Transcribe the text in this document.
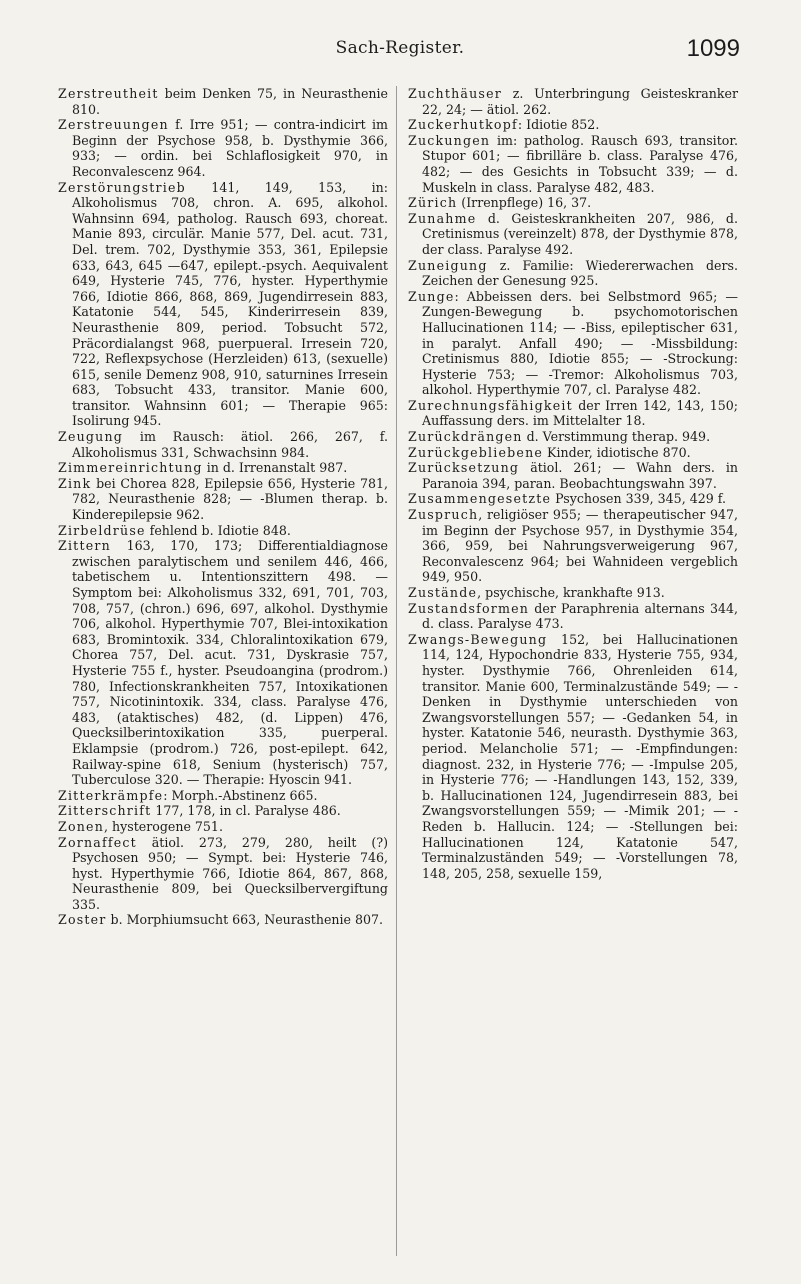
Sach-Register.	1099

Zerstreutheit beim Denken 75, in Neurasthenie 810.

Zerstreuungen f. Irre 951; — contra-indicirt im Beginn der Psychose 958, b. Dysthymie 366, 933; — ordin. bei Schlaflosigkeit 970, in Reconvalescenz 964.

Zerstörungstrieb 141, 149, 153, in: Alkoholismus 708, chron. A. 695, alkohol. Wahnsinn 694, patholog. Rausch 693, choreat. Manie 893, circulär. Manie 577, Del. acut. 731, Del. trem. 702, Dysthymie 353, 361, Epilepsie 633, 643, 645 —647, epilept.-psych. Aequivalent 649, Hysterie 745, 776, hyster. Hyperthymie 766, Idiotie 866, 868, 869, Jugendirresein 883, Katatonie 544, 545, Kinderirresein 839, Neurasthenie 809, period. Tobsucht 572, Präcordialangst 968, puerpueral. Irresein 720, 722, Reflexpsychose (Herzleiden) 613, (sexuelle) 615, senile Demenz 908, 910, saturnines Irresein 683, Tobsucht 433, transitor. Manie 600, transitor. Wahnsinn 601; — Therapie 965: Isolirung 945.

Zeugung im Rausch: ätiol. 266, 267, f. Alkoholismus 331, Schwachsinn 984.

Zimmereinrichtung in d. Irrenanstalt 987.

Zink bei Chorea 828, Epilepsie 656, Hysterie 781, 782, Neurasthenie 828; — -Blumen therap. b. Kinderepilepsie 962.

Zirbeldrüse fehlend b. Idiotie 848.

Zittern 163, 170, 173; Differentialdiagnose zwischen paralytischem und senilem 446, 466, tabetischem u. Intentionszittern 498. — Symptom bei: Alkoholismus 332, 691, 701, 703, 708, 757, (chron.) 696, 697, alkohol. Dysthymie 706, alkohol. Hyperthymie 707, Blei-intoxikation 683, Bromintoxik. 334, Chloralintoxikation 679, Chorea 757, Del. acut. 731, Dyskrasie 757, Hysterie 755 f., hyster. Pseudoangina (prodrom.) 780, Infectionskrankheiten 757, Intoxikationen 757, Nicotinintoxik. 334, class. Paralyse 476, 483, (ataktisches) 482, (d. Lippen) 476, Quecksilberintoxikation 335, puerperal. Eklampsie (prodrom.) 726, post-epilept. 642, Railway-spine 618, Senium (hysterisch) 757, Tuberculose 320. — Therapie: Hyoscin 941.

Zitterkrämpfe: Morph.-Abstinenz 665.

Zitterschrift 177, 178, in cl. Paralyse 486.

Zonen, hysterogene 751.

Zornaffect ätiol. 273, 279, 280, heilt (?) Psychosen 950; — Sympt. bei: Hysterie 746, hyst. Hyperthymie 766, Idiotie 864, 867, 868, Neurasthenie 809, bei Quecksilbervergiftung 335.

Zoster b. Morphiumsucht 663, Neurasthenie 807.

Zuchthäuser z. Unterbringung Geisteskranker 22, 24; — ätiol. 262.

Zuckerhutkopf: Idiotie 852.

Zuckungen im: patholog. Rausch 693, transitor. Stupor 601; — fibrilläre b. class. Paralyse 476, 482; — des Gesichts in Tobsucht 339; — d. Muskeln in class. Paralyse 482, 483.

Zürich (Irrenpflege) 16, 37.

Zunahme d. Geisteskrankheiten 207, 986, d. Cretinismus (vereinzelt) 878, der Dysthymie 878, der class. Paralyse 492.

Zuneigung z. Familie: Wiedererwachen ders. Zeichen der Genesung 925.

Zunge: Abbeissen ders. bei Selbstmord 965; — Zungen-Bewegung b. psychomotorischen Hallucinationen 114; — -Biss, epileptischer 631, in paralyt. Anfall 490; — -Missbildung: Cretinismus 880, Idiotie 855; — -Strockung: Hysterie 753; — -Tremor: Alkoholismus 703, alkohol. Hyperthymie 707, cl. Paralyse 482.

Zurechnungsfähigkeit der Irren 142, 143, 150; Auffassung ders. im Mittelalter 18.

Zurückdrängen d. Verstimmung therap. 949.

Zurückgebliebene Kinder, idiotische 870.

Zurücksetzung ätiol. 261; — Wahn ders. in Paranoia 394, paran. Beobachtungswahn 397.

Zusammengesetzte Psychosen 339, 345, 429 f.

Zuspruch, religiöser 955; — therapeutischer 947, im Beginn der Psychose 957, in Dysthymie 354, 366, 959, bei Nahrungsverweigerung 967, Reconvalescenz 964; bei Wahnideen vergeblich 949, 950.

Zustände, psychische, krankhafte 913.

Zustandsformen der Paraphrenia alternans 344, d. class. Paralyse 473.

Zwangs-Bewegung 152, bei Hallucinationen 114, 124, Hypochondrie 833, Hysterie 755, 934, hyster. Dysthymie 766, Ohrenleiden 614, transitor. Manie 600, Terminalzustände 549; — -Denken in Dysthymie unterschieden von Zwangsvorstellungen 557; — -Gedanken 54, in hyster. Katatonie 546, neurasth. Dysthymie 363, period. Melancholie 571; — -Empfindungen: diagnost. 232, in Hysterie 776; — -Impulse 205, in Hysterie 776; — -Handlungen 143, 152, 339, b. Hallucinationen 124, Jugendirresein 883, bei Zwangsvorstellungen 559; — -Mimik 201; — -Reden b. Hallucin. 124; — -Stellungen bei: Hallucinationen 124, Katatonie 547, Terminalzuständen 549; — -Vorstellungen 78, 148, 205, 258, sexuelle 159,
